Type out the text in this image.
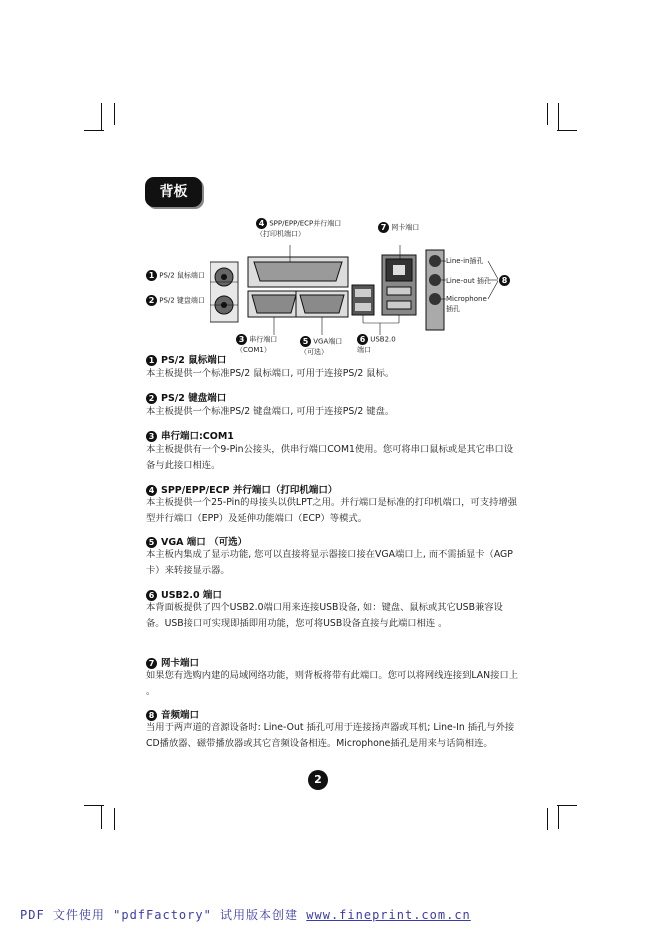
背板
4 SPP/EPP/ECP并行端口（打印机端口）
7 网卡端口
1 PS/2 鼠标端口
2 PS/2 键盘端口
Line-in插孔
Line-out 插孔	8
Microphone插孔
3 串行端口（COM1）
5 VGA端口（可选）
6 USB2.0端口
1 PS/2 鼠标端口

本主板提供一个标准PS/2 鼠标端口, 可用于连接PS/2 鼠标。

2 PS/2 键盘端口

本主板提供一个标准PS/2 键盘端口, 可用于连接PS/2 键盘。

3 串行端口:COM1

本主板提供有一个9-Pin公接头，供串行端口COM1使用。您可将串口鼠标或是其它串口设备与此接口相连。

4 SPP/EPP/ECP 并行端口（打印机端口）

本主板提供一个25-Pin的母接头以供LPT之用。并行端口是标准的打印机端口，可支持增强型并行端口（EPP）及延伸功能端口（ECP）等模式。

5 VGA 端口 （可选）

本主板内集成了显示功能, 您可以直接将显示器接口接在VGA端口上, 而不需插显卡（AGP卡）来转接显示器。

6 USB2.0 端口

本背面板提供了四个USB2.0端口用来连接USB设备, 如：键盘、鼠标或其它USB兼容设备。USB接口可实现即插即用功能，您可将USB设备直接与此端口相连 。

7 网卡端口

如果您有选购内建的局域网络功能，则背板将带有此端口。您可以将网线连接到LAN接口上 。

8 音频端口

当用于两声道的音源设备时: Line-Out 插孔可用于连接扬声器或耳机; Line-In 插孔与外接CD播放器、磁带播放器或其它音频设备相连。Microphone插孔是用来与话筒相连。

2
PDF 文件使用 "pdfFactory" 试用版本创建 www.fineprint.com.cn
